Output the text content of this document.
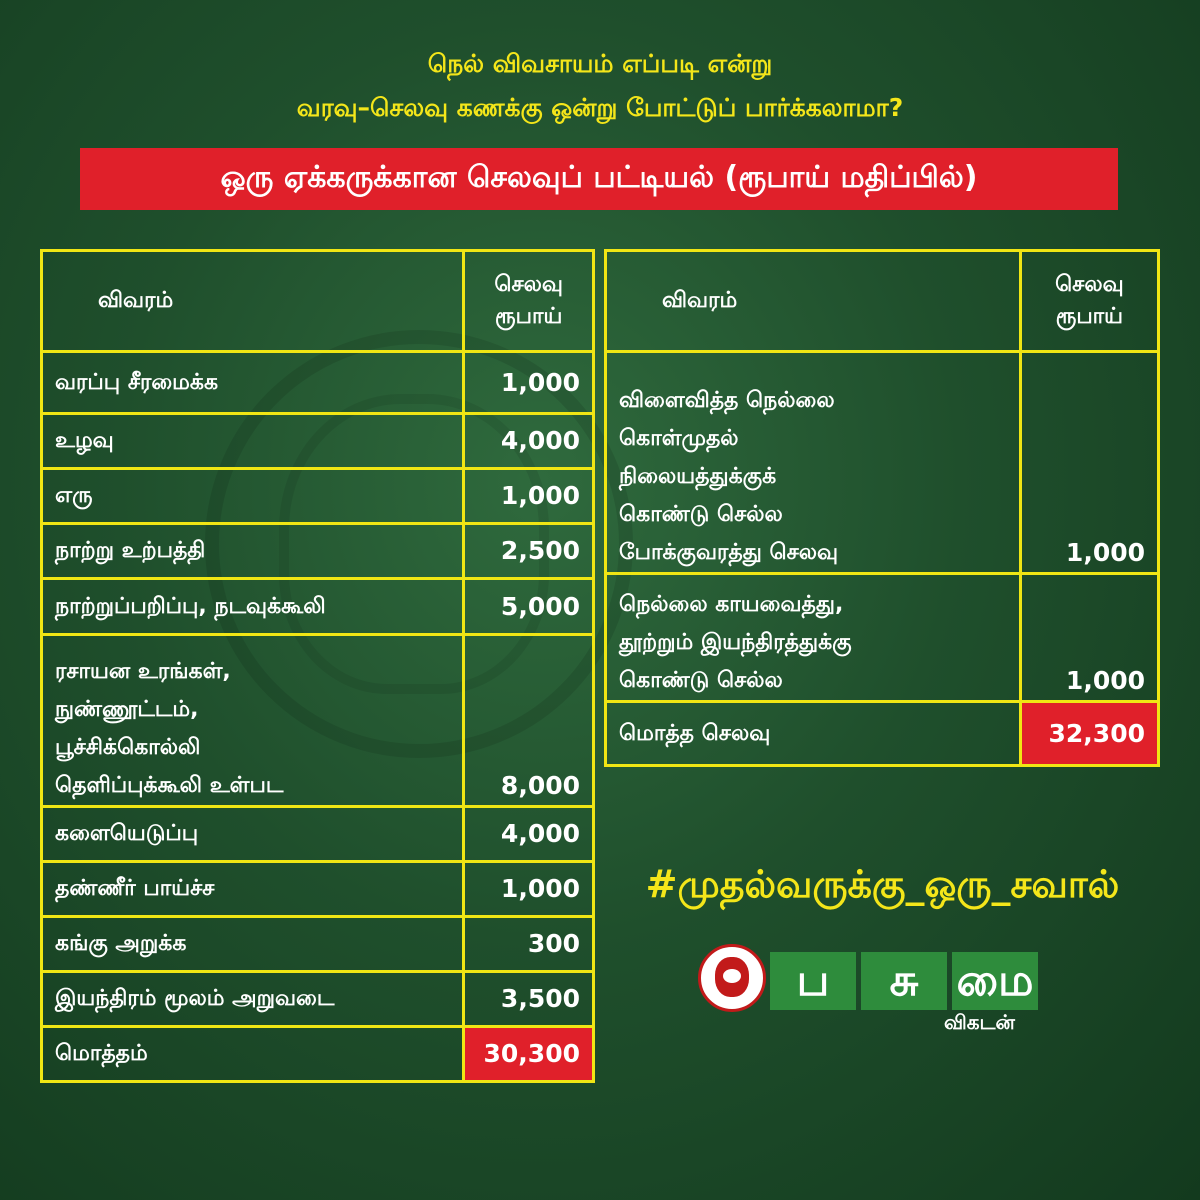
நெல் விவசாயம் எப்படி என்று
வரவு–செலவு கணக்கு ஒன்று போட்டுப் பார்க்கலாமா?
ஒரு ஏக்கருக்கான செலவுப் பட்டியல் (ரூபாய் மதிப்பில்)
விவரம்	செலவு
ரூபாய்

வரப்பு சீரமைக்க	1,000
உழவு	4,000
எரு	1,000
நாற்று உற்பத்தி	2,500
நாற்றுப்பறிப்பு, நடவுக்கூலி	5,000

ரசாயன உரங்கள்,
நுண்ணூட்டம்,
பூச்சிக்கொல்லி
தெளிப்புக்கூலி உள்பட	8,000
களையெடுப்பு	4,000
தண்ணீர் பாய்ச்ச	1,000
கங்கு அறுக்க	300
இயந்திரம் மூலம் அறுவடை	3,500
மொத்தம்	30,300
விவரம்	செலவு
ரூபாய்

விளைவித்த நெல்லை
கொள்முதல்
நிலையத்துக்குக்
கொண்டு செல்ல
போக்குவரத்து செலவு	1,000

நெல்லை காயவைத்து,
தூற்றும் இயந்திரத்துக்கு
கொண்டு செல்ல	1,000
மொத்த செலவு	32,300
#முதல்வருக்கு_ஒரு_சவால்
ப	சு மை
விகடன்
